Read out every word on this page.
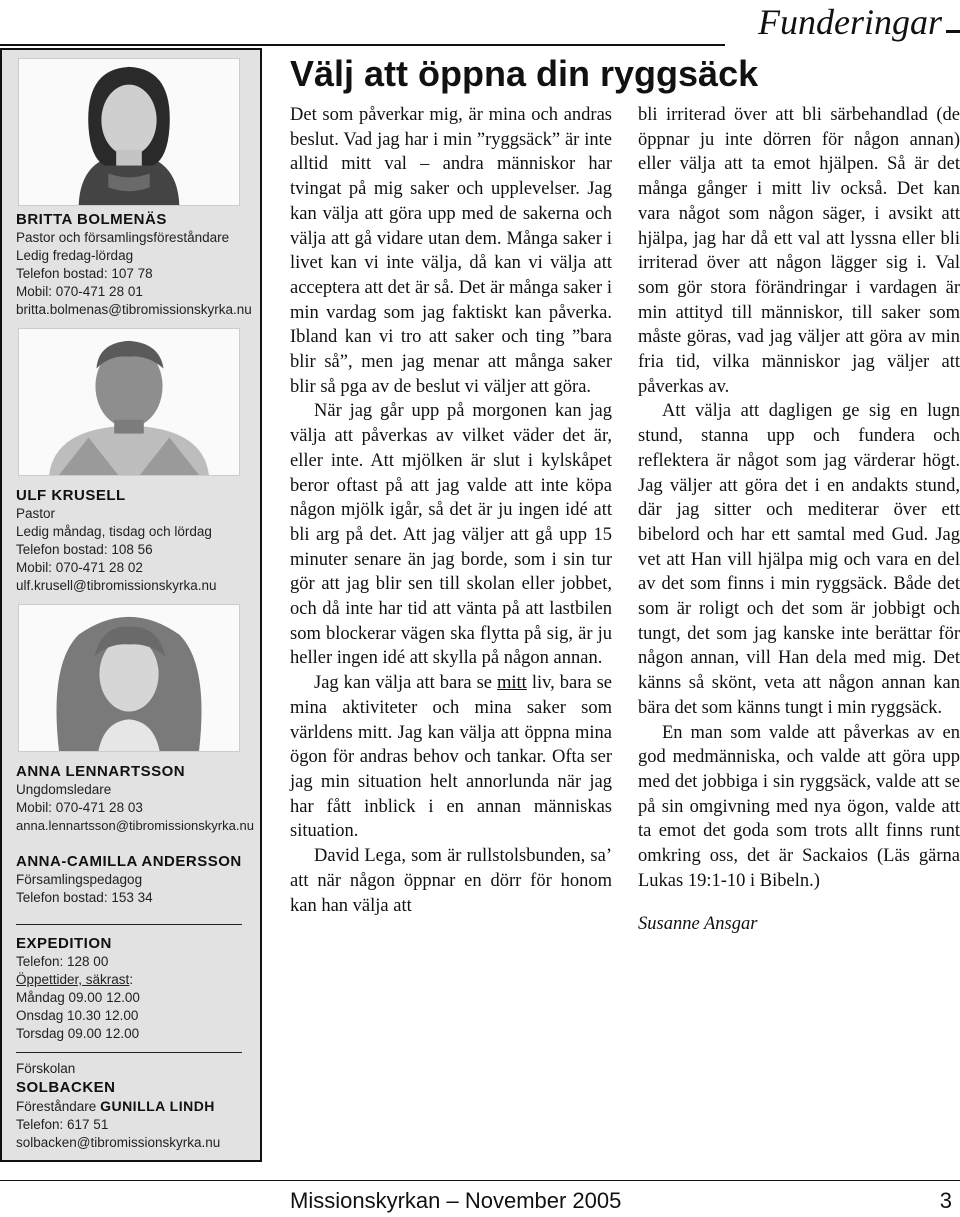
Funderingar
BRITTA BOLMENÄS
Pastor och församlingsföreståndare
Ledig fredag-lördag
Telefon bostad: 107 78
Mobil: 070-471 28 01
britta.bolmenas@tibromissionskyrka.nu
ULF KRUSELL
Pastor
Ledig måndag, tisdag och lördag
Telefon bostad: 108 56
Mobil: 070-471 28 02
ulf.krusell@tibromissionskyrka.nu
ANNA LENNARTSSON
Ungdomsledare
Mobil: 070-471 28 03
anna.lennartsson@tibromissionskyrka.nu
ANNA-CAMILLA ANDERSSON
Församlingspedagog
Telefon bostad: 153 34
EXPEDITION
Telefon: 128 00
Öppettider, säkrast:
Måndag 09.00 12.00
Onsdag 10.30 12.00
Torsdag 09.00 12.00
Förskolan
SOLBACKEN
Föreståndare GUNILLA LINDH
Telefon: 617 51
solbacken@tibromissionskyrka.nu
Välj att öppna din ryggsäck

Det som påverkar mig, är mina och andras beslut. Vad jag har i min ”ryggsäck” är inte alltid mitt val – andra människor har tvingat på mig saker och upplevelser. Jag kan välja att göra upp med de sakerna och välja att gå vidare utan dem. Många saker i livet kan vi inte välja, då kan vi välja att acceptera att det är så. Det är många saker i min vardag som jag faktiskt kan påverka. Ibland kan vi tro att saker och ting ”bara blir så”, men jag menar att många saker blir så pga av de beslut vi väljer att göra.

När jag går upp på morgonen kan jag välja att påverkas av vilket väder det är, eller inte. Att mjölken är slut i kylskåpet beror oftast på att jag valde att inte köpa någon mjölk igår, så det är ju ingen idé att bli arg på det. Att jag väljer att gå upp 15 minuter senare än jag borde, som i sin tur gör att jag blir sen till skolan eller jobbet, och då inte har tid att vänta på att lastbilen som blockerar vägen ska flytta på sig, är ju heller ingen idé att skylla på någon annan.

Jag kan välja att bara se mitt liv, bara se mina aktiviteter och mina saker som världens mitt. Jag kan välja att öppna mina ögon för andras behov och tankar. Ofta ser jag min situation helt annorlunda när jag har fått inblick i en annan människas situation.

David Lega, som är rullstolsbunden, sa’ att när någon öppnar en dörr för honom kan han välja att

bli irriterad över att bli särbehandlad (de öppnar ju inte dörren för någon annan) eller välja att ta emot hjälpen. Så är det många gånger i mitt liv också. Det kan vara något som någon säger, i avsikt att hjälpa, jag har då ett val att lyssna eller bli irriterad över att någon lägger sig i. Val som gör stora förändringar i vardagen är min attityd till människor, till saker som måste göras, vad jag väljer att göra av min fria tid, vilka människor jag väljer att påverkas av.

Att välja att dagligen ge sig en lugn stund, stanna upp och fundera och reflektera är något som jag värderar högt. Jag väljer att göra det i en andakts stund, där jag sitter och mediterar över ett bibelord och har ett samtal med Gud. Jag vet att Han vill hjälpa mig och vara en del av det som finns i min ryggsäck. Både det som är roligt och det som är jobbigt och tungt, det som jag kanske inte berättar för någon annan, vill Han dela med mig. Det känns så skönt, veta att någon annan kan bära det som känns tungt i min ryggsäck.

En man som valde att påverkas av en god medmänniska, och valde att göra upp med det jobbiga i sin ryggsäck, valde att se på sin omgivning med nya ögon, valde att ta emot det goda som trots allt finns runt omkring oss, det är Sackaios (Läs gärna Lukas 19:1-10 i Bibeln.)

Susanne Ansgar

Missionskyrkan – November 2005	3
